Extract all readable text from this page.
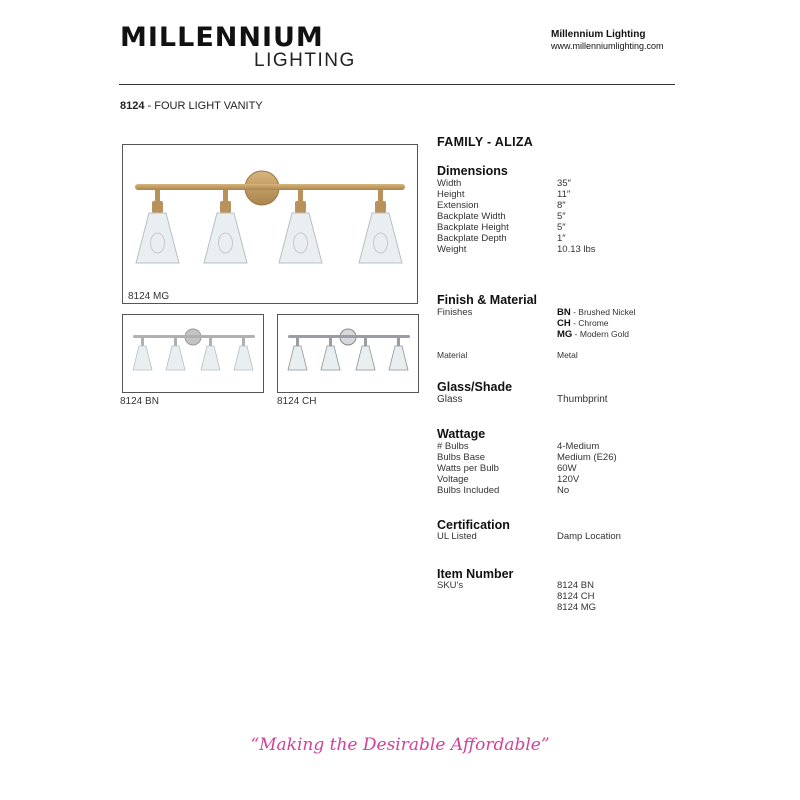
MILLENNIUM
LIGHTING
Millennium Lighting
www.millenniumlighting.com
8124 - FOUR LIGHT VANITY
8124 MG
8124 BN	8124 CH
FAMILY - ALIZA
Dimensions
Width	35″
Height	11″
Extension	8″
Backplate Width	5″
Backplate Height	5″
Backplate Depth	1″
Weight	10.13 lbs
Finish & Material
Finishes	BN - Brushed Nickel
CH - Chrome
MG - Modern Gold
Material	Metal
Glass/Shade
Glass	Thumbprint
Wattage
# Bulbs	4-Medium
Bulbs Base	Medium (E26)
Watts per Bulb	60W
Voltage	120V
Bulbs Included	No
Certification
UL Listed	Damp Location
Item Number
SKU's	8124 BN
8124 CH
8124 MG
“Making the Desirable Affordable”
